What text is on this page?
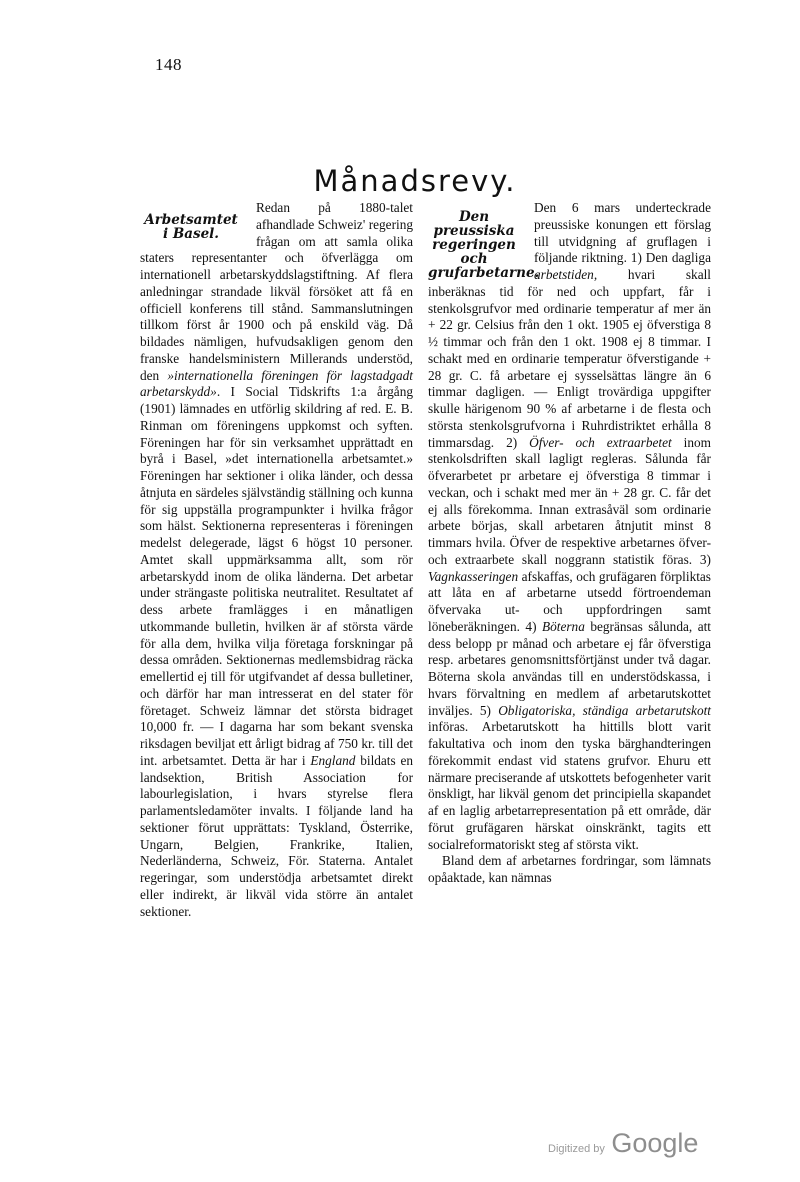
148
Månadsrevy.
Arbetsamtet i Basel.

Redan på 1880-talet afhandlade Schweiz' regering frågan om att samla olika staters representanter och öfverlägga om internationell arbetarskyddslagstiftning. Af flera anledningar strandade likväl försöket att få en officiell konferens till stånd. Sammanslutningen tillkom först år 1900 och på enskild väg. Då bildades nämligen, hufvudsakligen genom den franske handelsministern Millerands understöd, den »internationella föreningen för lagstadgadt arbetarskydd». I Social Tidskrifts 1:a årgång (1901) lämnades en utförlig skildring af red. E. B. Rinman om föreningens uppkomst och syften. Föreningen har för sin verksamhet upprättadt en byrå i Basel, »det internationella arbetsamtet.» Föreningen har sektioner i olika länder, och dessa åtnjuta en särdeles självständig ställning och kunna för sig uppställa programpunkter i hvilka frågor som hälst. Sektionerna representeras i föreningen medelst delegerade, lägst 6 högst 10 personer. Amtet skall uppmärksamma allt, som rör arbetarskydd inom de olika länderna. Det arbetar under strängaste politiska neutralitet. Resultatet af dess arbete framlägges i en månatligen utkommande bulletin, hvilken är af största värde för alla dem, hvilka vilja företaga forskningar på dessa områden. Sektionernas medlemsbidrag räcka emellertid ej till för utgifvandet af dessa bulletiner, och därför har man intresserat en del stater för företaget. Schweiz lämnar det största bidraget 10,000 fr. — I dagarna har som bekant svenska riksdagen beviljat ett årligt bidrag af 750 kr. till det int. arbetsamtet. Detta är har i England bildats en landsektion, British Association for labourlegislation, i hvars styrelse flera parlamentsledamöter invalts. I följande land ha sektioner förut upprättats: Tyskland, Österrike, Ungarn, Belgien, Frankrike, Italien, Nederländerna, Schweiz, För. Staterna. Antalet regeringar, som understödja arbetsamtet direkt eller indirekt, är likväl vida större än antalet sektioner.

Den preussiska regeringen och grufarbetarne.

Den 6 mars underteckrade preussiske konungen ett förslag till utvidgning af gruflagen i följande riktning. 1) Den dagliga arbetstiden, hvari skall inberäknas tid för ned och uppfart, får i stenkolsgrufvor med ordinarie temperatur af mer än + 22 gr. Celsius från den 1 okt. 1905 ej öfverstiga 8 ½ timmar och från den 1 okt. 1908 ej 8 timmar. I schakt med en ordinarie temperatur öfverstigande + 28 gr. C. få arbetare ej sysselsättas längre än 6 timmar dagligen. — Enligt trovärdiga uppgifter skulle härigenom 90 % af arbetarne i de flesta och största stenkolsgrufvorna i Ruhrdistriktet erhålla 8 timmarsdag. 2) Öfver- och extraarbetet inom stenkolsdriften skall lagligt regleras. Sålunda får öfverarbetet pr arbetare ej öfverstiga 8 timmar i veckan, och i schakt med mer än + 28 gr. C. får det ej alls förekomma. Innan extrasåväl som ordinarie arbete börjas, skall arbetaren åtnjutit minst 8 timmars hvila. Öfver de respektive arbetarnes öfver- och extraarbete skall noggrann statistik föras. 3) Vagnkasseringen afskaffas, och grufägaren förpliktas att låta en af arbetarne utsedd förtroendeman öfvervaka ut- och uppfordringen samt löneberäkningen. 4) Böterna begränsas sålunda, att dess belopp pr månad och arbetare ej får öfverstiga resp. arbetares genomsnittsförtjänst under två dagar. Böterna skola användas till en understödskassa, i hvars förvaltning en medlem af arbetarutskottet inväljes. 5) Obligatoriska, ständiga arbetarutskott införas. Arbetarutskott ha hittills blott varit fakultativa och inom den tyska bärghandteringen förekommit endast vid statens grufvor. Ehuru ett närmare preciserande af utskottets befogenheter varit önskligt, har likväl genom det principiella skapandet af en laglig arbetarrepresentation på ett område, där förut grufägaren härskat oinskränkt, tagits ett socialreformatoriskt steg af största vikt.

Bland dem af arbetarnes fordringar, som lämnats opåaktade, kan nämnas

Digitized by Google
